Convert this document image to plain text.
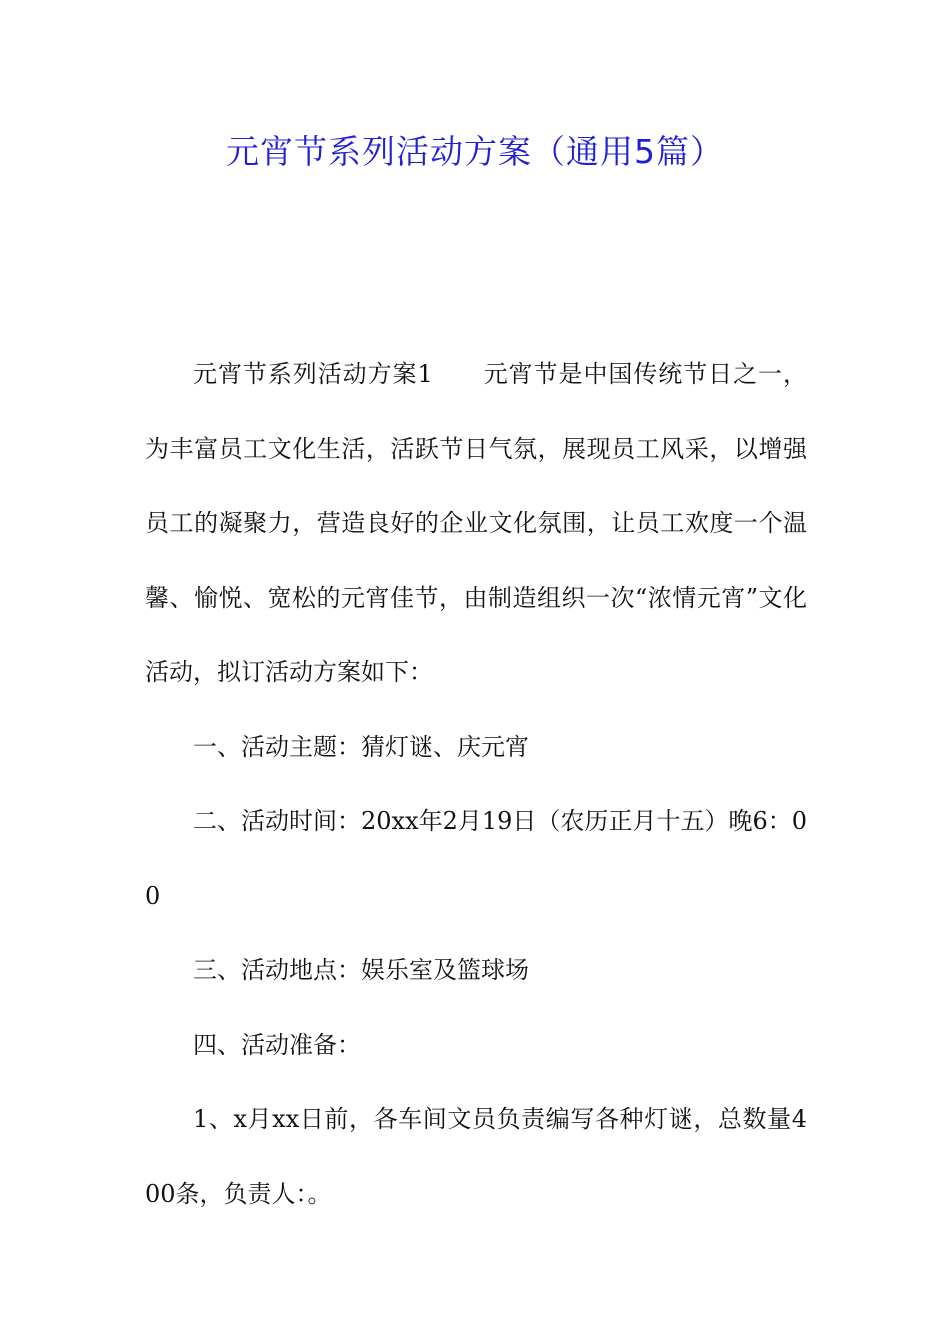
元宵节系列活动方案（通用5篇）

元宵节系列活动方案1 元宵节是中国传统节日之一，为丰富员工文化生活，活跃节日气氛，展现员工风采，以增强员工的凝聚力，营造良好的企业文化氛围，让员工欢度一个温馨、愉悦、宽松的元宵佳节，由制造组织一次“浓情元宵”文化活动，拟订活动方案如下：

一、活动主题：猜灯谜、庆元宵

二、活动时间：20xx年2月19日（农历正月十五）晚6：00

三、活动地点：娱乐室及篮球场

四、活动准备：

1、x月xx日前，各车间文员负责编写各种灯谜，总数量400条，负责人：。
